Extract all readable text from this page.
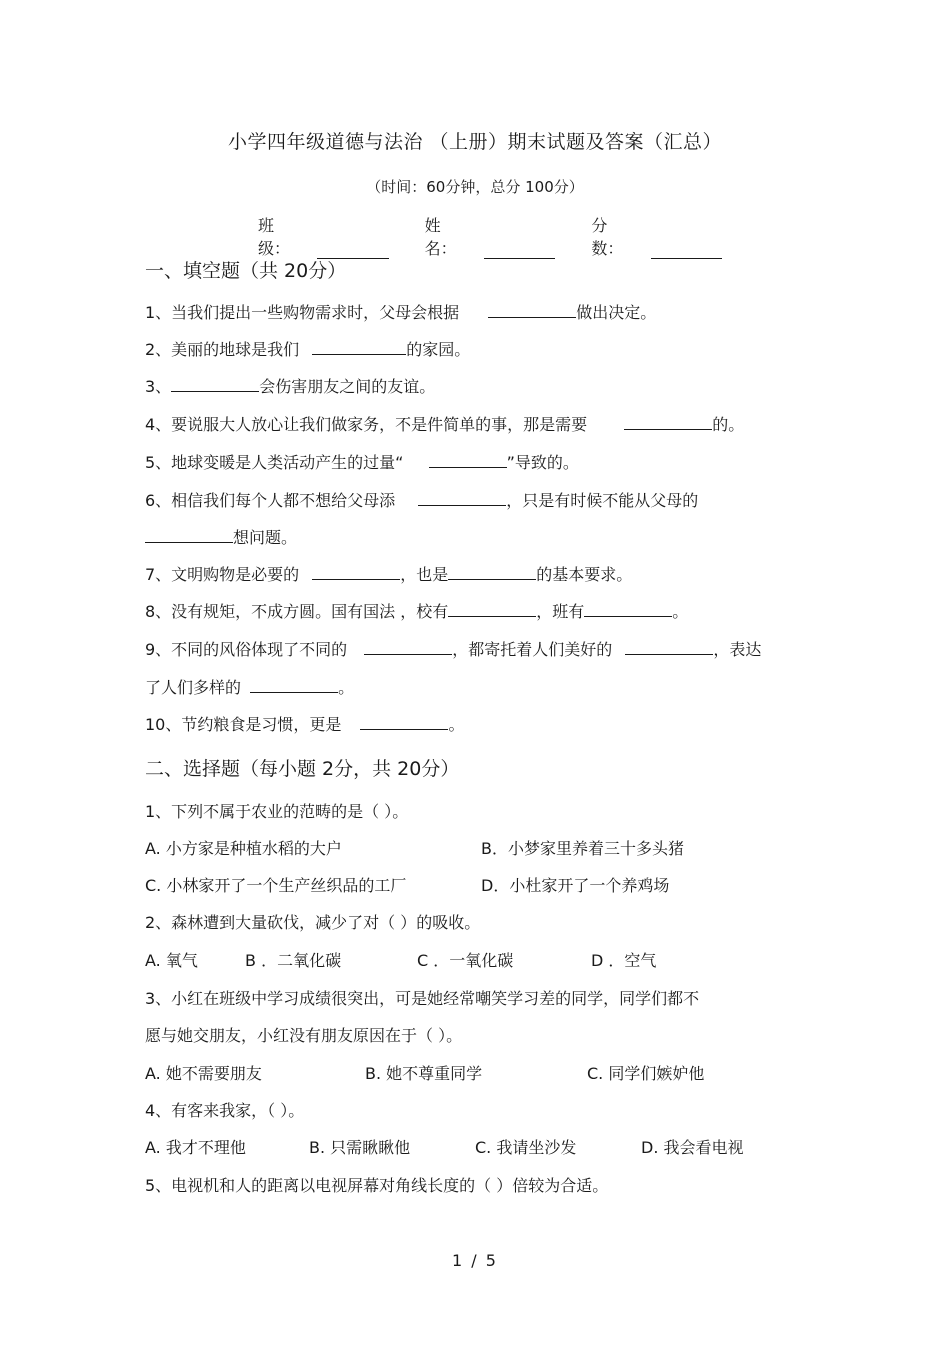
小学四年级道德与法治 （上册）期末试题及答案（汇总）
（时间：60分钟，总分 100分）
班级：
姓名：
分数：
一、填空题（共 20分）
1、当我们提出一些购物需求时，父母会根据	做出决定。
2、美丽的地球是我们	的家园。
3、	会伤害朋友之间的友谊。
4、要说服大人放心让我们做家务，不是件简单的事，那是需要	的。
5、地球变暖是人类活动产生的过量“	”导致的。
6、相信我们每个人都不想给父母添	，只是有时候不能从父母的
想问题。
7、文明购物是必要的	，也是	的基本要求。
8、没有规矩，不成方圆。国有国法 ，校有	，班有	。
9、不同的风俗体现了不同的	，都寄托着人们美好的	，表达
了人们多样的	。
10、节约粮食是习惯，更是	。
二、选择题（每小题 2分，共 20分）
1、下列不属于农业的范畴的是（ ）。
A. 小方家是种植水稻的大户	B．小梦家里养着三十多头猪
C. 小林家开了一个生产丝织品的工厂	D．小杜家开了一个养鸡场
2、森林遭到大量砍伐，减少了对（ ）的吸收。
A. 氧气	B ．二氧化碳	C ．一氧化碳	D ．空气
3、小红在班级中学习成绩很突出，可是她经常嘲笑学习差的同学，同学们都不
愿与她交朋友，小红没有朋友原因在于（ ）。
A. 她不需要朋友	B. 她不尊重同学	C. 同学们嫉妒他
4、有客来我家，（ ）。
A. 我才不理他	B. 只需瞅瞅他	C. 我请坐沙发	D. 我会看电视
5、电视机和人的距离以电视屏幕对角线长度的（ ）倍较为合适。
1 / 5
